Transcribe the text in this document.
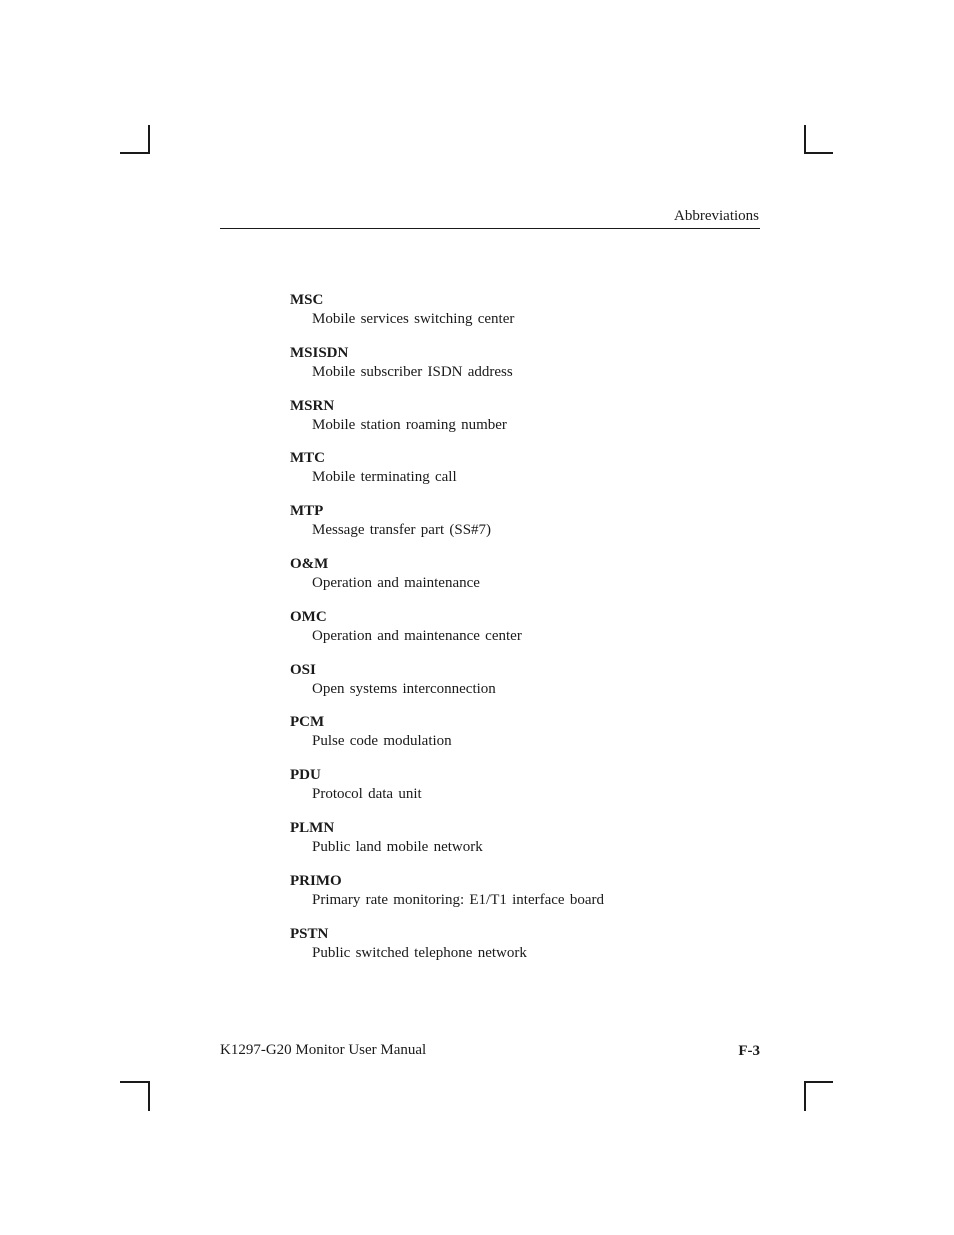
Abbreviations
MSC
Mobile services switching center
MSISDN
Mobile subscriber ISDN address
MSRN
Mobile station roaming number
MTC
Mobile terminating call
MTP
Message transfer part (SS#7)
O&M
Operation and maintenance
OMC
Operation and maintenance center
OSI
Open systems interconnection
PCM
Pulse code modulation
PDU
Protocol data unit
PLMN
Public land mobile network
PRIMO
Primary rate monitoring: E1/T1 interface board
PSTN
Public switched telephone network
K1297-G20 Monitor User Manual	F-3
